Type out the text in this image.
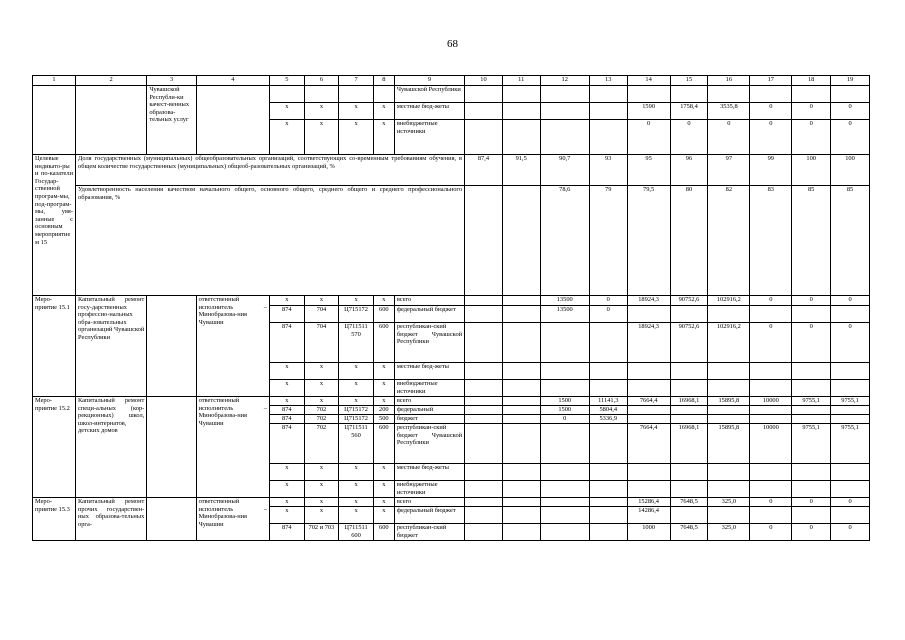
68
1	2	3	4	5	6	7	8	9	10	11	12	13	14	15	16	17	18	19
		Чувашской Республи-ки качест-венных образова-тельных услуг						Чувашской Республики										
				x	x	x	x	местные бюд-жеты					1590	1758,4	3535,8	0	0	0
				x	x	x	x	внебюджетные источники					0	0	0	0	0	0
Целевые индикато-ры и по-казатели Государ-ственной програм-мы, под-програм-мы, увя-занные с основным мероприятием 15	Доля государственных (муниципальных) общеобразовательных организаций, соответствующих со-временным требованиям обучения, в общем количестве государственных (муниципальных) общеоб-разовательных организаций, %								87,4	91,5	90,7	93	95	96	97	99	100	100
	Удовлетворенность населения качеством начального общего, основного общего, среднего общего и среднего профессионального образования, %										78,6	79	79,5	80	82	83	85	85
Меро-приятие 15.1	Капитальный ремонт госу-дарственных профессио-нальных обра-зовательных организаций Чувашской Республики		ответственный исполнитель – Минобразова-ния Чувашии	x	x	x	x	всего			13500	0	18924,3	90752,6	102916,2	0	0	0
				874	704	Ц715172	600	федеральный бюджет			13500	0						
				874	704	Ц711511 570	600	республикан-ский бюджет Чувашской Республики					18924,3	90752,6	102916,2	0	0	0
				x	x	x	x	местные бюд-жеты										
				x	x	x	x	внебюджетные источники										
Меро-приятие 15.2	Капитальный ремонт специ-альных (кор-рекционных) школ, школ-интернатов, детских домов		ответственный исполнитель – Минобразова-ния Чувашии	x	x	x	x	всего			1500	11141,3	7664,4	16968,1	15895,8	10000	9755,1	9755,1
				874	702	Ц715172	200	федеральный			1500	5804,4						
				874	702	Ц715172	500	бюджет			0	5336,9						
				874	702	Ц711511 560	600	республикан-ский бюджет Чувашской Республики					7664,4	16968,1	15895,8	10000	9755,1	9755,1
				x	x	x	x	местные бюд-жеты										
				x	x	x	x	внебюджетные источники										
Меро-приятие 15.3	Капитальный ремонт прочих государствен-ных образова-тельных орга-		ответственный исполнитель – Минобразова-ния Чувашии	x	x	x	x	всего					15286,4	7648,5	325,0	0	0	0
				x	x	x	x	федеральный бюджет					14286,4					
				874	702 и 703	Ц711511 600	600	республикан-ский бюджет					1000	7648,5	325,0	0	0	0
